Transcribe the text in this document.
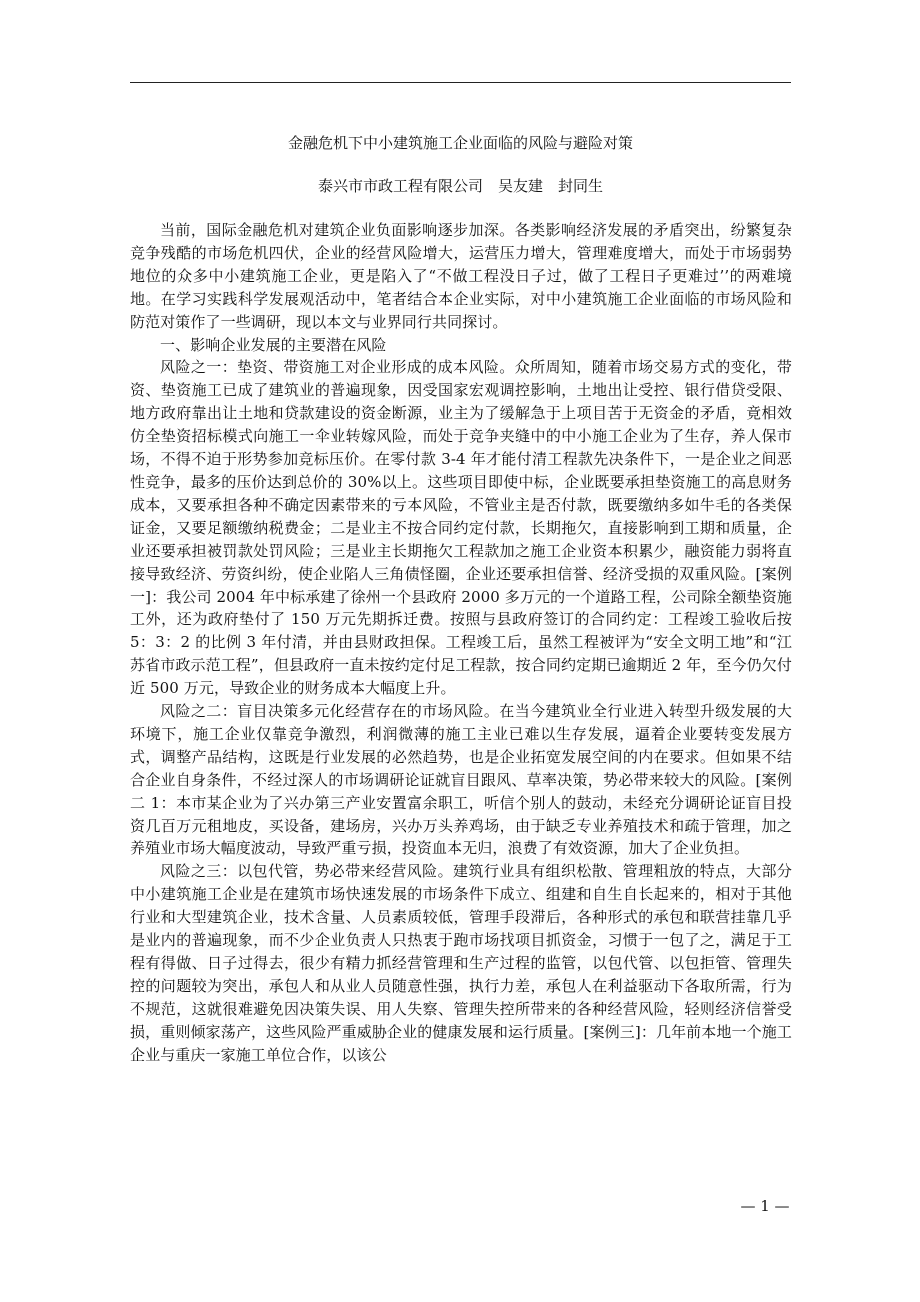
金融危机下中小建筑施工企业面临的风险与避险对策
泰兴市市政工程有限公司　吴友建　封同生

当前，国际金融危机对建筑企业负面影响逐步加深。各类影响经济发展的矛盾突出，纷繁复杂竞争残酷的市场危机四伏，企业的经营风险增大，运营压力增大，管理难度增大，而处于市场弱势地位的众多中小建筑施工企业，更是陷入了“不做工程没日子过，做了工程日子更难过’’的两难境地。在学习实践科学发展观活动中，笔者结合本企业实际，对中小建筑施工企业面临的市场风险和防范对策作了一些调研，现以本文与业界同行共同探讨。

一、影响企业发展的主要潜在风险

风险之一：垫资、带资施工对企业形成的成本风险。众所周知，随着市场交易方式的变化，带资、垫资施工已成了建筑业的普遍现象，因受国家宏观调控影响，土地出让受控、银行借贷受限、地方政府靠出让土地和贷款建设的资金断源，业主为了缓解急于上项目苦于无资金的矛盾，竟相效仿全垫资招标模式向施工一伞业转嫁风险，而处于竞争夹缝中的中小施工企业为了生存，养人保市场，不得不迫于形势参加竞标压价。在零付款 3-4 年才能付清工程款先决条件下，一是企业之间恶性竞争，最多的压价达到总价的 30%以上。这些项目即使中标，企业既要承担垫资施工的高息财务成本，又要承担各种不确定因素带来的亏本风险，不管业主是否付款，既要缴纳多如牛毛的各类保证金，又要足额缴纳税费金；二是业主不按合同约定付款，长期拖欠，直接影响到工期和质量，企业还要承担被罚款处罚风险；三是业主长期拖欠工程款加之施工企业资本积累少，融资能力弱将直接导致经济、劳资纠纷，使企业陷人三角债怪圈，企业还要承担信誉、经济受损的双重风险。[案例一]：我公司 2004 年中标承建了徐州一个县政府 2000 多万元的一个道路工程，公司除全额垫资施工外，还为政府垫付了 150 万元先期拆迁费。按照与县政府签订的合同约定：工程竣工验收后按 5：3：2 的比例 3 年付清，并由县财政担保。工程竣工后，虽然工程被评为“安全文明工地”和“江苏省市政示范工程”，但县政府一直未按约定付足工程款，按合同约定期已逾期近 2 年，至今仍欠付近 500 万元，导致企业的财务成本大幅度上升。

风险之二：盲目决策多元化经营存在的市场风险。在当今建筑业全行业进入转型升级发展的大环境下，施工企业仅靠竞争激烈，利润微薄的施工主业已难以生存发展，逼着企业要转变发展方式，调整产品结构，这既是行业发展的必然趋势，也是企业拓宽发展空间的内在要求。但如果不结合企业自身条件，不经过深人的市场调研论证就盲目跟风、草率决策，势必带来较大的风险。[案例二 1：本市某企业为了兴办第三产业安置富余职工，听信个别人的鼓动，未经充分调研论证盲目投资几百万元租地皮，买设备，建场房，兴办万头养鸡场，由于缺乏专业养殖技术和疏于管理，加之养殖业市场大幅度波动，导致严重亏损，投资血本无归，浪费了有效资源，加大了企业负担。

风险之三：以包代管，势必带来经营风险。建筑行业具有组织松散、管理粗放的特点，大部分中小建筑施工企业是在建筑市场快速发展的市场条件下成立、组建和自生自长起来的，相对于其他行业和大型建筑企业，技术含量、人员素质较低，管理手段滞后，各种形式的承包和联营挂靠几乎是业内的普遍现象，而不少企业负责人只热衷于跑市场找项目抓资金，习惯于一包了之，满足于工程有得做、日子过得去，很少有精力抓经营管理和生产过程的监管，以包代管、以包拒管、管理失控的问题较为突出，承包人和从业人员随意性强，执行力差，承包人在利益驱动下各取所需，行为不规范，这就很难避免因决策失误、用人失察、管理失控所带来的各种经营风险，轻则经济信誉受损，重则倾家荡产，这些风险严重威胁企业的健康发展和运行质量。[案例三]：几年前本地一个施工企业与重庆一家施工单位合作，以该公

— 1 —
